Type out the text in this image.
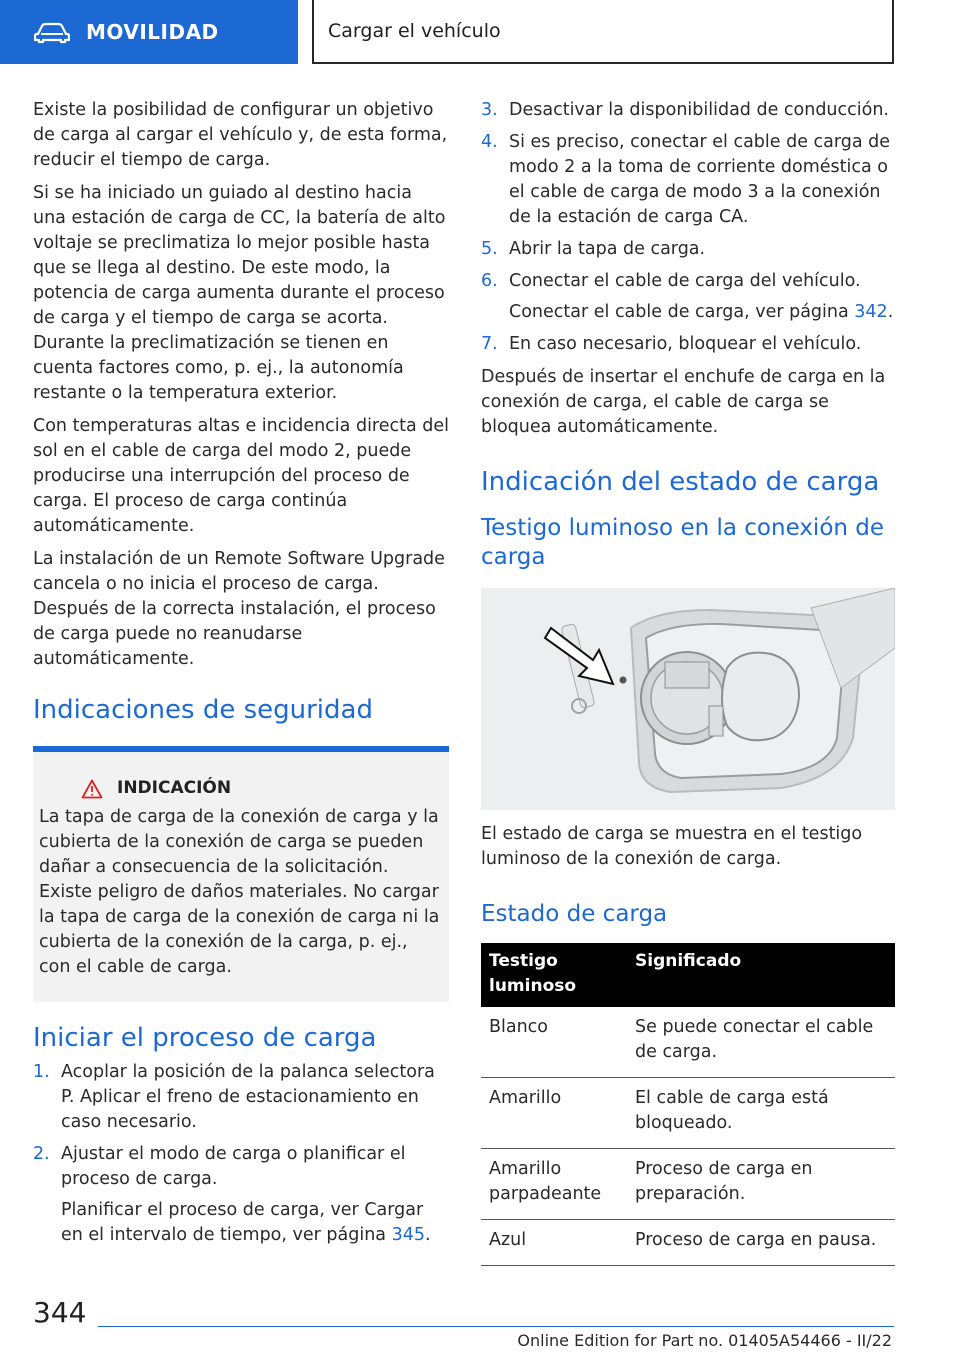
MOVILIDAD	Cargar el vehículo

Existe la posibilidad de configurar un objetivo de carga al cargar el vehículo y, de esta forma, reducir el tiempo de carga.

Si se ha iniciado un guiado al destino hacia una estación de carga de CC, la batería de alto voltaje se preclimatiza lo mejor posible hasta que se llega al destino. De este modo, la potencia de carga aumenta durante el proceso de carga y el tiempo de carga se acorta. Durante la preclimatización se tienen en cuenta factores como, p. ej., la autonomía restante o la temperatura exterior.

Con temperaturas altas e incidencia directa del sol en el cable de carga del modo 2, puede producirse una interrupción del proceso de carga. El proceso de carga continúa automáticamente.

La instalación de un Remote Software Upgrade cancela o no inicia el proceso de carga. Después de la correcta instalación, el proceso de carga puede no reanudarse automáticamente.

Indicaciones de seguridad
INDICACIÓN

La tapa de carga de la conexión de carga y la cubierta de la conexión de carga se pueden dañar a consecuencia de la solicitación.

Existe peligro de daños materiales. No cargar la tapa de carga de la conexión de carga ni la cubierta de la conexión de la carga, p. ej., con el cable de carga.

Iniciar el proceso de carga
1. Acoplar la posición de la palanca selectora P. Aplicar el freno de estacionamiento en caso necesario.
2. Ajustar el modo de carga o planificar el proceso de carga.
Planificar el proceso de carga, ver Cargar en el intervalo de tiempo, ver página 345.
3. Desactivar la disponibilidad de conducción.
4. Si es preciso, conectar el cable de carga de modo 2 a la toma de corriente doméstica o el cable de carga de modo 3 a la conexión de la estación de carga CA.
5. Abrir la tapa de carga.
6. Conectar el cable de carga del vehículo.
Conectar el cable de carga, ver página 342.
7. En caso necesario, bloquear el vehículo.

Después de insertar el enchufe de carga en la conexión de carga, el cable de carga se bloquea automáticamente.

Indicación del estado de carga
Testigo luminoso en la conexión de carga

El estado de carga se muestra en el testigo luminoso de la conexión de carga.

Estado de carga
Testigo luminoso	Significado
Blanco	Se puede conectar el cable de carga.
Amarillo	El cable de carga está bloqueado.
Amarillo parpadeante	Proceso de carga en preparación.
Azul	Proceso de carga en pausa.
344
Online Edition for Part no. 01405A54466 - II/22
